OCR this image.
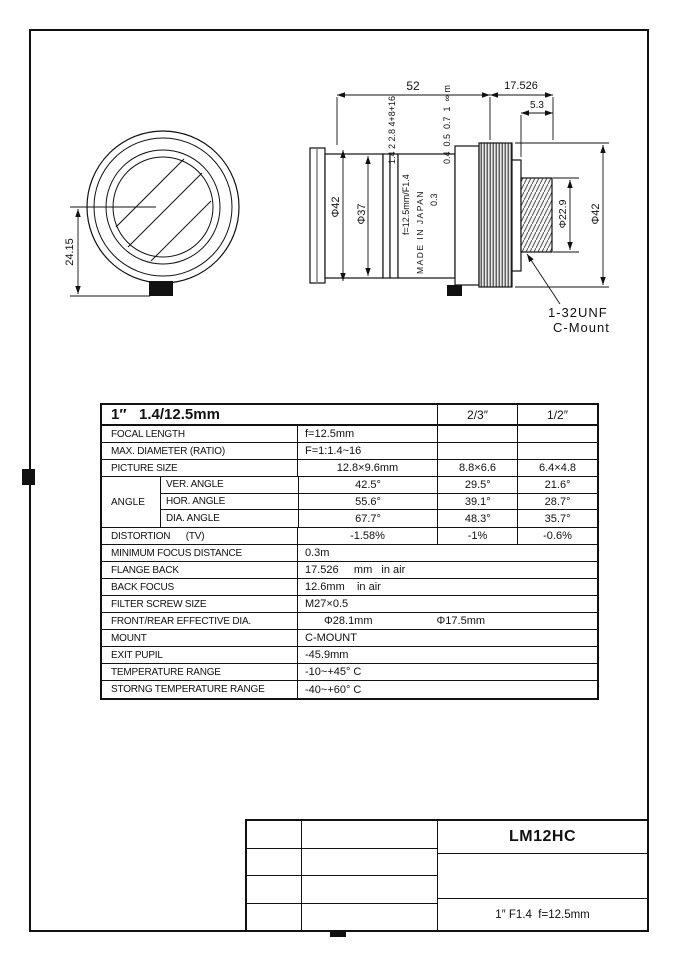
24.15
52	17.526
5.3
Φ42 Φ37	Φ22.9 Φ42
1.4 2 2.8 4+8+16
f=12.5mm/F1.4 MADE IN JAPAN 0.3
0.4  0.5  0.7  1  ∞ m
1-32UNF
C-Mount
1″   1.4/12.5mm	2/3″	1/2″
FOCAL LENGTH	f=12.5mm
MAX. DIAMETER (RATIO)	F=1:1.4~16
PICTURE SIZE	12.8×9.6mm	8.8×6.6	6.4×4.8
ANGLE
VER. ANGLE	42.5°	29.5°	21.6°
HOR. ANGLE	55.6°	39.1°	28.7°
DIA. ANGLE	67.7°	48.3°	35.7°
DISTORTION      (TV)	-1.58%	-1%	-0.6%
MINIMUM FOCUS DISTANCE	0.3m
FLANGE BACK	17.526     mm   in air
BACK FOCUS	12.6mm    in air
FILTER SCREW SIZE	M27×0.5
FRONT/REAR EFFECTIVE DIA.	Φ28.1mm	Φ17.5mm
MOUNT	C-MOUNT
EXIT PUPIL	-45.9mm
TEMPERATURE RANGE	-10~+45° C
STORNG TEMPERATURE RANGE	-40~+60° C
LM12HC
1″ F1.4  f=12.5mm
